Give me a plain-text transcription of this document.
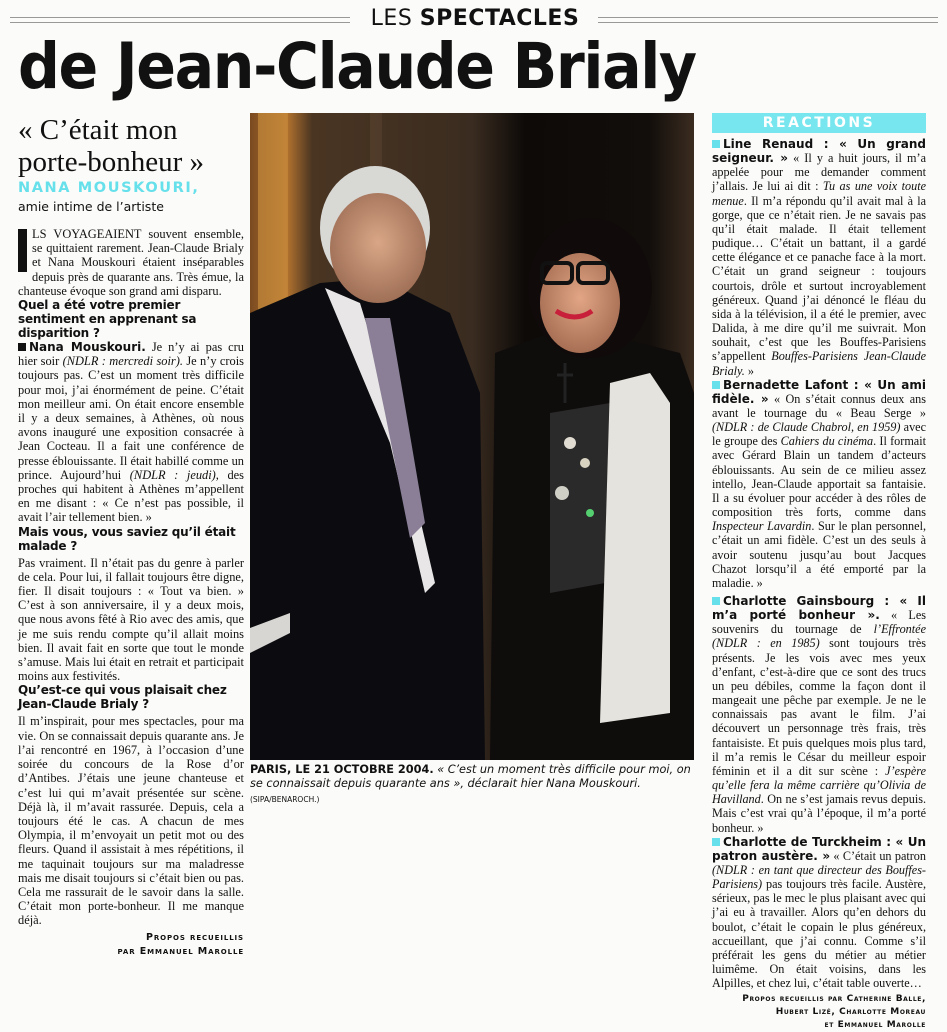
LES SPECTACLES
de Jean-Claude Brialy
« C’était mon porte-bonheur »
NANA MOUSKOURI,
amie intime de l’artiste

LS VOYAGEAIENT souvent ensemble, se quittaient rarement. Jean-Claude Brialy et Nana Mouskouri étaient inséparables depuis près de quarante ans. Très émue, la chanteuse évoque son grand ami disparu.

Quel a été votre premier sentiment en apprenant sa disparition ?

Nana Mouskouri. Je n’y ai pas cru hier soir (NDLR : mercredi soir). Je n’y crois toujours pas. C’est un moment très difficile pour moi, j’ai énormément de peine. C’était mon meilleur ami. On était encore ensemble il y a deux semaines, à Athènes, où nous avons inauguré une exposition consacrée à Jean Cocteau. Il a fait une conférence de presse éblouissante. Il était habillé comme un prince. Aujourd’hui (NDLR : jeudi), des proches qui habitent à Athènes m’appellent en me disant : « Ce n’est pas possible, il avait l’air tellement bien. »

Mais vous, vous saviez qu’il était malade ?

Pas vraiment. Il n’était pas du genre à parler de cela. Pour lui, il fallait toujours être digne, fier. Il disait toujours : « Tout va bien. » C’est à son anniversaire, il y a deux mois, que nous avons fêté à Rio avec des amis, que je me suis rendu compte qu’il allait moins bien. Il avait fait en sorte que tout le monde s’amuse. Mais lui était en retrait et participait moins aux festivités.

Qu’est-ce qui vous plaisait chez Jean-Claude Brialy ?

Il m’inspirait, pour mes spectacles, pour ma vie. On se connaissait depuis quarante ans. Je l’ai rencontré en 1967, à l’occasion d’une soirée du concours de la Rose d’or d’Antibes. J’étais une jeune chanteuse et c’est lui qui m’avait présentée sur scène. Déjà là, il m’avait rassurée. Depuis, cela a toujours été le cas. A chacun de mes Olympia, il m’envoyait un petit mot ou des fleurs. Quand il assistait à mes répétitions, il me taquinait toujours sur ma maladresse mais me disait toujours si c’était bien ou pas. Cela me rassurait de le savoir dans la salle. C’était mon porte-bonheur. Il me manque déjà.

Propos recueillis
par Emmanuel Marolle
PARIS, LE 21 OCTOBRE 2004. « C’est un moment très difficile pour moi, on se connaissait depuis quarante ans », déclarait hier Nana Mouskouri. (SIPA/BENAROCH.)
REACTIONS

Line Renaud : « Un grand seigneur. » « Il y a huit jours, il m’a appelée pour me demander comment j’allais. Je lui ai dit : Tu as une voix toute menue. Il m’a répondu qu’il avait mal à la gorge, que ce n’était rien. Je ne savais pas qu’il était malade. Il était tellement pudique… C’était un battant, il a gardé cette élégance et ce panache face à la mort. C’était un grand seigneur : toujours courtois, drôle et surtout incroyablement généreux. Quand j’ai dénoncé le fléau du sida à la télévision, il a été le premier, avec Dalida, à me dire qu’il me suivrait. Mon souhait, c’est que les Bouffes-Parisiens s’appellent Bouffes-Parisiens Jean-Claude Brialy. »

Bernadette Lafont : « Un ami fidèle. » « On s’était connus deux ans avant le tournage du « Beau Serge » (NDLR : de Claude Chabrol, en 1959) avec le groupe des Cahiers du cinéma. Il formait avec Gérard Blain un tandem d’acteurs éblouissants. Au sein de ce milieu assez intello, Jean-Claude apportait sa fantaisie. Il a su évoluer pour accéder à des rôles de composition très forts, comme dans Inspecteur Lavardin. Sur le plan personnel, c’était un ami fidèle. C’est un des seuls à avoir soutenu jusqu’au bout Jacques Chazot lorsqu’il a été emporté par la maladie. »

Charlotte Gainsbourg : « Il m’a porté bonheur ». « Les souvenirs du tournage de l’Effrontée (NDLR : en 1985) sont toujours très présents. Je les vois avec mes yeux d’enfant, c’est-à-dire que ce sont des trucs un peu débiles, comme la façon dont il mangeait une pêche par exemple. Je ne le connaissais pas avant le film. J’ai découvert un personnage très frais, très fantaisiste. Et puis quelques mois plus tard, il m’a remis le César du meilleur espoir féminin et il a dit sur scène : J’espère qu’elle fera la même carrière qu’Olivia de Havilland. On ne s’est jamais revus depuis. Mais c’est vrai qu’à l’époque, il m’a porté bonheur. »

Charlotte de Turckheim : « Un patron austère. » « C’était un patron (NDLR : en tant que directeur des Bouffes-Parisiens) pas toujours très facile. Austère, sérieux, pas le mec le plus plaisant avec qui j’ai eu à travailler. Alors qu’en dehors du boulot, c’était le copain le plus généreux, accueillant, que j’ai connu. Comme s’il préférait les gens du métier au métier luimême. On était voisins, dans les Alpilles, et chez lui, c’était table ouverte…

Propos recueillis par Catherine Balle,
Hubert Lizé, Charlotte Moreau
et Emmanuel Marolle
